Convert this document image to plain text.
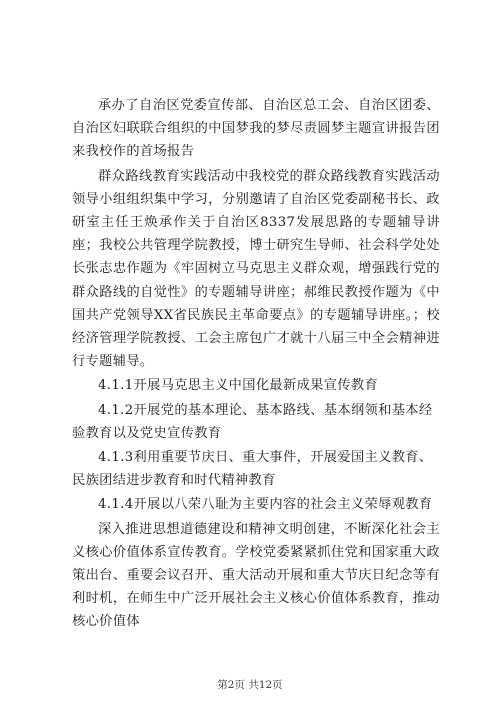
承办了自治区党委宣传部、自治区总工会、自治区团委、自治区妇联联合组织的中国梦我的梦尽责圆梦主题宣讲报告团来我校作的首场报告

群众路线教育实践活动中我校党的群众路线教育实践活动领导小组组织集中学习，分别邀请了自治区党委副秘书长、政研室主任王焕承作关于自治区8337发展思路的专题辅导讲座；我校公共管理学院教授，博士研究生导师、社会科学处处长张志忠作题为《牢固树立马克思主义群众观，增强践行党的群众路线的自觉性》的专题辅导讲座；郝维民教授作题为《中国共产党领导XX省民族民主革命要点》的专题辅导讲座。；校经济管理学院教授、工会主席包广才就十八届三中全会精神进行专题辅导。

4.1.1开展马克思主义中国化最新成果宣传教育

4.1.2开展党的基本理论、基本路线、基本纲领和基本经验教育以及党史宣传教育

4.1.3利用重要节庆日、重大事件，开展爱国主义教育、民族团结进步教育和时代精神教育

4.1.4开展以八荣八耻为主要内容的社会主义荣辱观教育

深入推进思想道德建设和精神文明创建，不断深化社会主义核心价值体系宣传教育。学校党委紧紧抓住党和国家重大政策出台、重要会议召开、重大活动开展和重大节庆日纪念等有利时机，在师生中广泛开展社会主义核心价值体系教育，推动核心价值体

第2页 共12页
